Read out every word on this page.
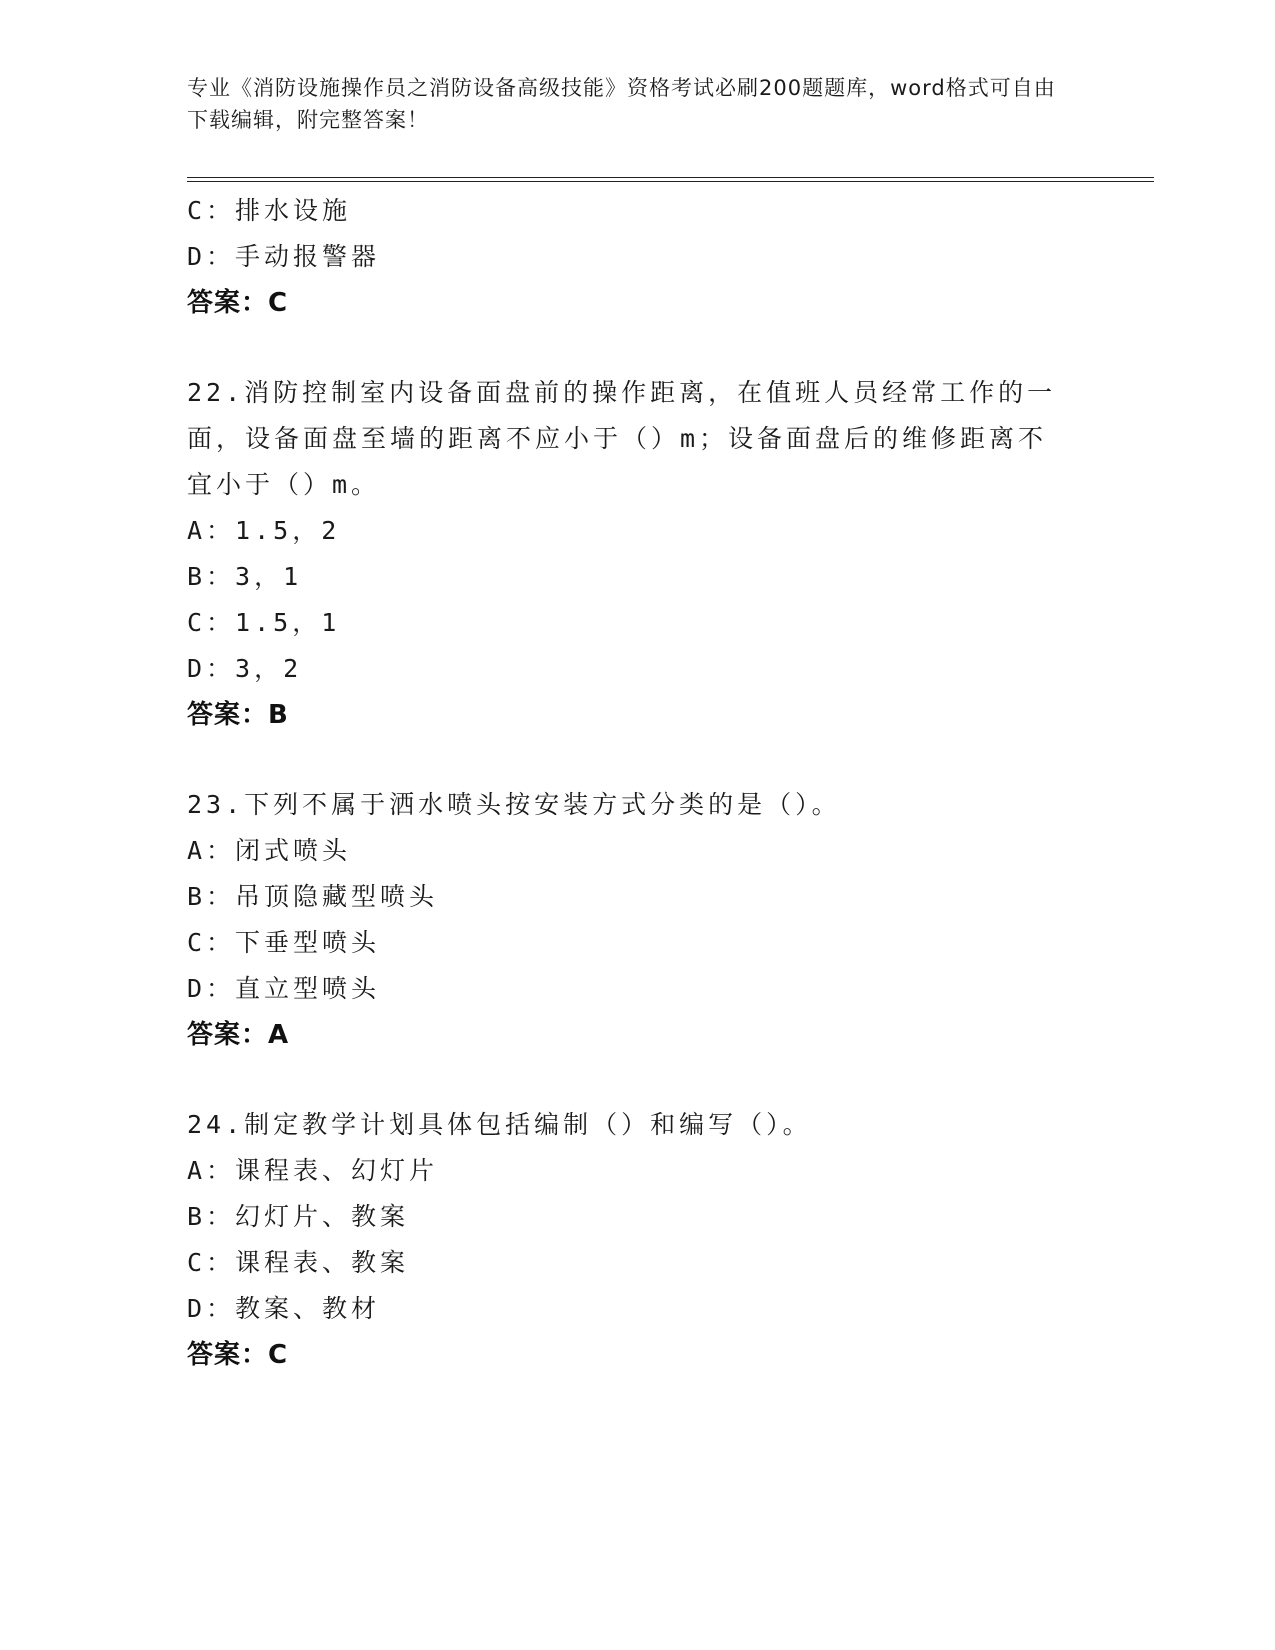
专业《消防设施操作员之消防设备高级技能》资格考试必刷200题题库，word格式可自由下载编辑，附完整答案！
C：排水设施
D：手动报警器
答案：C
22.消防控制室内设备面盘前的操作距离，在值班人员经常工作的一面，设备面盘至墙的距离不应小于（）m；设备面盘后的维修距离不宜小于（）m。
A：1.5，2
B：3，1
C：1.5，1
D：3，2
答案：B
23.下列不属于洒水喷头按安装方式分类的是（）。
A：闭式喷头
B：吊顶隐藏型喷头
C：下垂型喷头
D：直立型喷头
答案：A
24.制定教学计划具体包括编制（）和编写（）。
A：课程表、幻灯片
B：幻灯片、教案
C：课程表、教案
D：教案、教材
答案：C
